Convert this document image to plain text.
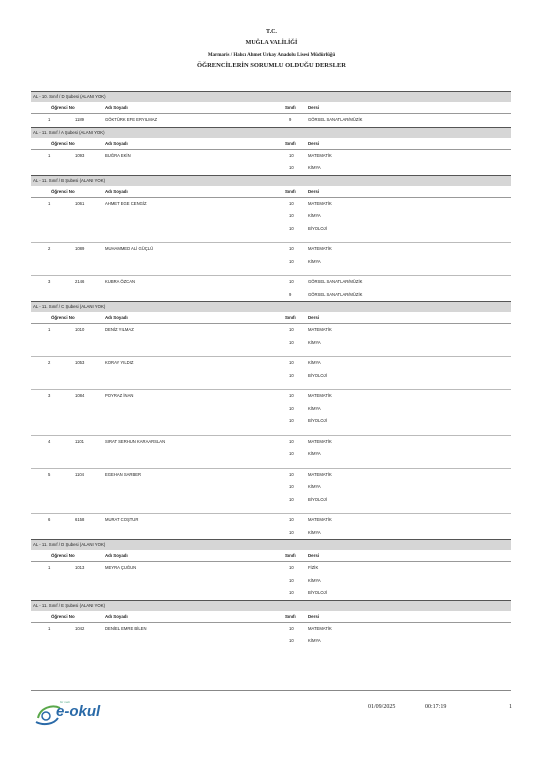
T.C.
MUĞLA VALİLİĞİ
Marmaris / Halıcı Ahmet Urkay Anadolu Lisesi Müdürlüğü
ÖĞRENCİLERİN SORUMLU OLDUĞU DERSLER
AL - 10. Sınıf / D Şubesi (ALANI YOK)
Öğrenci No	Adı Soyadı	Sınıfı	Dersi
1	1189	GÖKTÜRK EFE ERYILMAZ	9	GÖRSEL SANATLAR/MÜZİK
AL - 11. Sınıf / A Şubesi (ALANI YOK)
Öğrenci No	Adı Soyadı	Sınıfı	Dersi
1	1093	BUĞRA EKİN	10	MATEMATİK
10	KİMYA
AL - 11. Sınıf / B Şubesi (ALANI YOK)
Öğrenci No	Adı Soyadı	Sınıfı	Dersi
1	1061	AHMET EGE CENGİZ	10	MATEMATİK
10	KİMYA
10	BİYOLOJİ
2	1089	MUHAMMED ALİ GÜÇLÜ	10	MATEMATİK
10	KİMYA
3	2146	KUBRA ÖZCAN	10	GÖRSEL SANATLAR/MÜZİK
9	GÖRSEL SANATLAR/MÜZİK
AL - 11. Sınıf / C Şubesi (ALANI YOK)
Öğrenci No	Adı Soyadı	Sınıfı	Dersi
1	1010	DENİZ YILMAZ	10	MATEMATİK
10	KİMYA
2	1053	KORAY YILDIZ	10	KİMYA
10	BİYOLOJİ
3	1084	POYRAZ İNAN	10	MATEMATİK
10	KİMYA
10	BİYOLOJİ
4	1101	SIRAT SERHUN KARAARSLAN	10	MATEMATİK
10	KİMYA
5	1104	EGEHAN SARBER	10	MATEMATİK
10	KİMYA
10	BİYOLOJİ
6	6158	MURAT COŞTUR	10	MATEMATİK
10	KİMYA
AL - 11. Sınıf / D Şubesi (ALANI YOK)
Öğrenci No	Adı Soyadı	Sınıfı	Dersi
1	1013	MEYRA ÇUĞUN	10	FİZİK
10	KİMYA
10	BİYOLOJİ
AL - 11. Sınıf / E Şubesi (ALANI YOK)
Öğrenci No	Adı Soyadı	Sınıfı	Dersi
1	1042	DENİEL EMRE BİLEN	10	MATEMATİK
10	KİMYA
bir meb
e-okul	01/09/2025	00:17:19	1
